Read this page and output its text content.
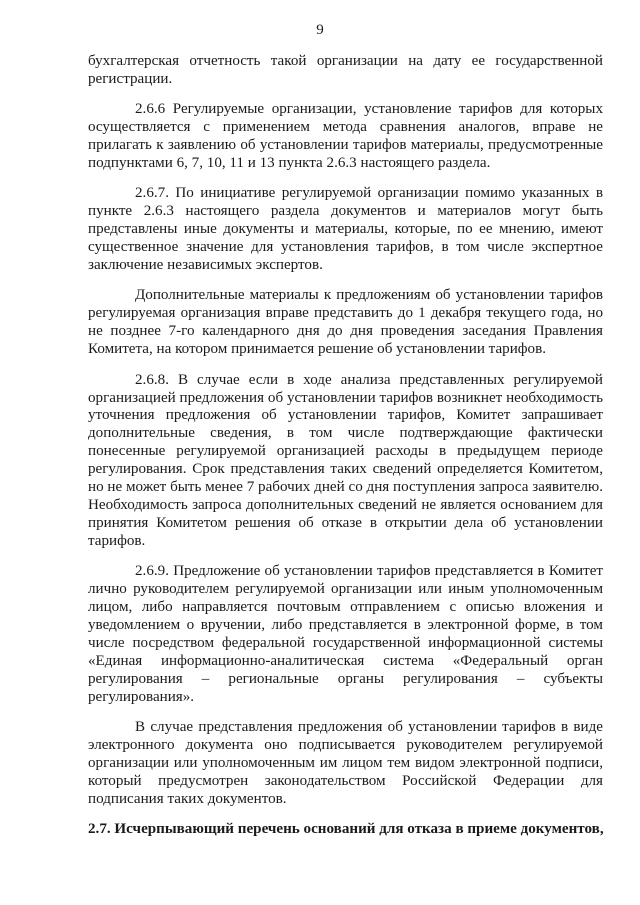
9

бухгалтерская отчетность такой организации на дату ее государственной регистрации.

2.6.6 Регулируемые организации, установление тарифов для которых осуществляется с применением метода сравнения аналогов, вправе не прилагать к заявлению об установлении тарифов материалы, предусмотренные подпунктами 6, 7, 10, 11 и 13 пункта 2.6.3 настоящего раздела.

2.6.7. По инициативе регулируемой организации помимо указанных в пункте 2.6.3 настоящего раздела документов и материалов могут быть представлены иные документы и материалы, которые, по ее мнению, имеют существенное значение для установления тарифов, в том числе экспертное заключение независимых экспертов.

Дополнительные материалы к предложениям об установлении тарифов регулируемая организация вправе представить до 1 декабря текущего года, но не позднее 7-го календарного дня до дня проведения заседания Правления Комитета, на котором принимается решение об установлении тарифов.

2.6.8. В случае если в ходе анализа представленных регулируемой организацией предложения об установлении тарифов возникнет необходимость уточнения предложения об установлении тарифов, Комитет запрашивает дополнительные сведения, в том числе подтверждающие фактически понесенные регулируемой организацией расходы в предыдущем периоде регулирования. Срок представления таких сведений определяется Комитетом, но не может быть менее 7 рабочих дней со дня поступления запроса заявителю. Необходимость запроса дополнительных сведений не является основанием для принятия Комитетом решения об отказе в открытии дела об установлении тарифов.

2.6.9. Предложение об установлении тарифов представляется в Комитет лично руководителем регулируемой организации или иным уполномоченным лицом, либо направляется почтовым отправлением с описью вложения и уведомлением о вручении, либо представляется в электронной форме, в том числе посредством федеральной государственной информационной системы «Единая информационно-аналитическая система «Федеральный орган регулирования – региональные органы регулирования – субъекты регулирования».

В случае представления предложения об установлении тарифов в виде электронного документа оно подписывается руководителем регулируемой организации или уполномоченным им лицом тем видом электронной подписи, который предусмотрен законодательством Российской Федерации для подписания таких документов.

2.7. Исчерпывающий перечень оснований для отказа в приеме документов,
